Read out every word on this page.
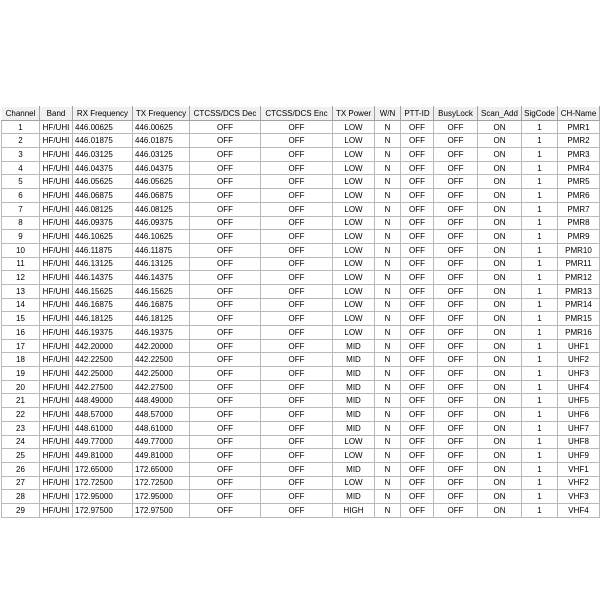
Channel	Band	RX Frequency	TX Frequency	CTCSS/DCS Dec	CTCSS/DCS Enc	TX Power	W/N	PTT-ID	BusyLock	Scan_Add	SigCode	CH-Name
1	HF/UHI	446.00625	446.00625	OFF	OFF	LOW	N	OFF	OFF	ON	1	PMR1
2	HF/UHI	446.01875	446.01875	OFF	OFF	LOW	N	OFF	OFF	ON	1	PMR2
3	HF/UHI	446.03125	446.03125	OFF	OFF	LOW	N	OFF	OFF	ON	1	PMR3
4	HF/UHI	446.04375	446.04375	OFF	OFF	LOW	N	OFF	OFF	ON	1	PMR4
5	HF/UHI	446.05625	446.05625	OFF	OFF	LOW	N	OFF	OFF	ON	1	PMR5
6	HF/UHI	446.06875	446.06875	OFF	OFF	LOW	N	OFF	OFF	ON	1	PMR6
7	HF/UHI	446.08125	446.08125	OFF	OFF	LOW	N	OFF	OFF	ON	1	PMR7
8	HF/UHI	446.09375	446.09375	OFF	OFF	LOW	N	OFF	OFF	ON	1	PMR8
9	HF/UHI	446.10625	446.10625	OFF	OFF	LOW	N	OFF	OFF	ON	1	PMR9
10	HF/UHI	446.11875	446.11875	OFF	OFF	LOW	N	OFF	OFF	ON	1	PMR10
11	HF/UHI	446.13125	446.13125	OFF	OFF	LOW	N	OFF	OFF	ON	1	PMR11
12	HF/UHI	446.14375	446.14375	OFF	OFF	LOW	N	OFF	OFF	ON	1	PMR12
13	HF/UHI	446.15625	446.15625	OFF	OFF	LOW	N	OFF	OFF	ON	1	PMR13
14	HF/UHI	446.16875	446.16875	OFF	OFF	LOW	N	OFF	OFF	ON	1	PMR14
15	HF/UHI	446.18125	446.18125	OFF	OFF	LOW	N	OFF	OFF	ON	1	PMR15
16	HF/UHI	446.19375	446.19375	OFF	OFF	LOW	N	OFF	OFF	ON	1	PMR16
17	HF/UHI	442.20000	442.20000	OFF	OFF	MID	N	OFF	OFF	ON	1	UHF1
18	HF/UHI	442.22500	442.22500	OFF	OFF	MID	N	OFF	OFF	ON	1	UHF2
19	HF/UHI	442.25000	442.25000	OFF	OFF	MID	N	OFF	OFF	ON	1	UHF3
20	HF/UHI	442.27500	442.27500	OFF	OFF	MID	N	OFF	OFF	ON	1	UHF4
21	HF/UHI	448.49000	448.49000	OFF	OFF	MID	N	OFF	OFF	ON	1	UHF5
22	HF/UHI	448.57000	448.57000	OFF	OFF	MID	N	OFF	OFF	ON	1	UHF6
23	HF/UHI	448.61000	448.61000	OFF	OFF	MID	N	OFF	OFF	ON	1	UHF7
24	HF/UHI	449.77000	449.77000	OFF	OFF	LOW	N	OFF	OFF	ON	1	UHF8
25	HF/UHI	449.81000	449.81000	OFF	OFF	LOW	N	OFF	OFF	ON	1	UHF9
26	HF/UHI	172.65000	172.65000	OFF	OFF	MID	N	OFF	OFF	ON	1	VHF1
27	HF/UHI	172.72500	172.72500	OFF	OFF	LOW	N	OFF	OFF	ON	1	VHF2
28	HF/UHI	172.95000	172.95000	OFF	OFF	MID	N	OFF	OFF	ON	1	VHF3
29	HF/UHI	172.97500	172.97500	OFF	OFF	HIGH	N	OFF	OFF	ON	1	VHF4
